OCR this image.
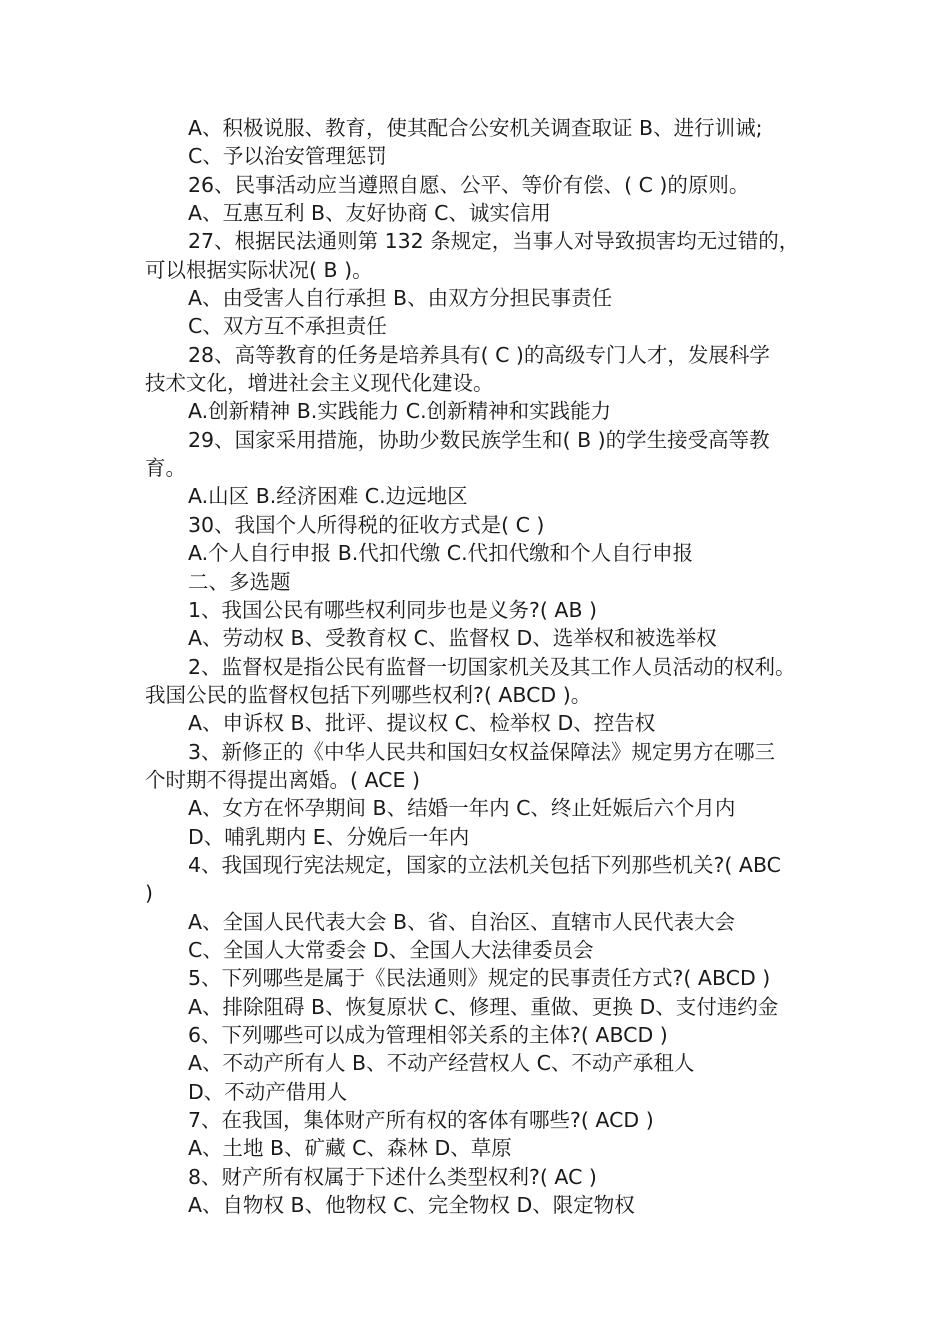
A、积极说服、教育，使其配合公安机关调查取证 B、进行训诫;
C、予以治安管理惩罚
26、民事活动应当遵照自愿、公平、等价有偿、( C )的原则。
A、互惠互利 B、友好协商 C、诚实信用
27、根据民法通则第 132 条规定，当事人对导致损害均无过错的，
可以根据实际状况( B )。
A、由受害人自行承担 B、由双方分担民事责任
C、双方互不承担责任
28、高等教育的任务是培养具有( C )的高级专门人才，发展科学
技术文化，增进社会主义现代化建设。
A.创新精神 B.实践能力 C.创新精神和实践能力
29、国家采用措施，协助少数民族学生和( B )的学生接受高等教
育。
A.山区 B.经济困难 C.边远地区
30、我国个人所得税的征收方式是( C )
A.个人自行申报 B.代扣代缴 C.代扣代缴和个人自行申报
二、多选题
1、我国公民有哪些权利同步也是义务?( AB )
A、劳动权 B、受教育权 C、监督权 D、选举权和被选举权
2、监督权是指公民有监督一切国家机关及其工作人员活动的权利。
我国公民的监督权包括下列哪些权利?( ABCD )。
A、申诉权 B、批评、提议权 C、检举权 D、控告权
3、新修正的《中华人民共和国妇女权益保障法》规定男方在哪三
个时期不得提出离婚。( ACE )
A、女方在怀孕期间 B、结婚一年内 C、终止妊娠后六个月内
D、哺乳期内 E、分娩后一年内
4、我国现行宪法规定，国家的立法机关包括下列那些机关?( ABC
)
A、全国人民代表大会 B、省、自治区、直辖市人民代表大会
C、全国人大常委会 D、全国人大法律委员会
5、下列哪些是属于《民法通则》规定的民事责任方式?( ABCD )
A、排除阻碍 B、恢复原状 C、修理、重做、更换 D、支付违约金
6、下列哪些可以成为管理相邻关系的主体?( ABCD )
A、不动产所有人 B、不动产经营权人 C、不动产承租人
D、不动产借用人
7、在我国，集体财产所有权的客体有哪些?( ACD )
A、土地 B、矿藏 C、森林 D、草原
8、财产所有权属于下述什么类型权利?( AC )
A、自物权 B、他物权 C、完全物权 D、限定物权
